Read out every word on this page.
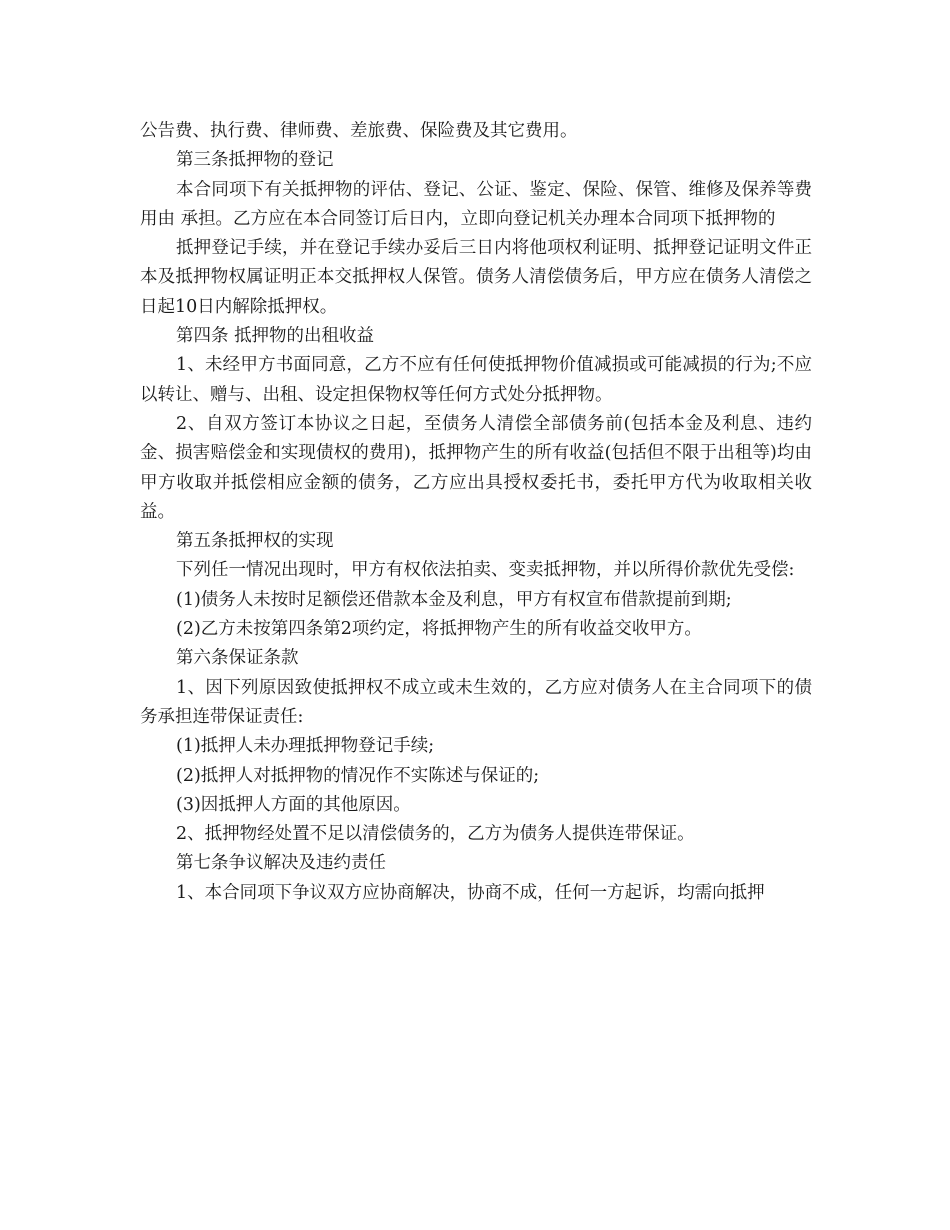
公告费、执行费、律师费、差旅费、保险费及其它费用。

第三条抵押物的登记

本合同项下有关抵押物的评估、登记、公证、鉴定、保险、保管、维修及保养等费用由 承担。乙方应在本合同签订后日内，立即向登记机关办理本合同项下抵押物的

抵押登记手续，并在登记手续办妥后三日内将他项权利证明、抵押登记证明文件正本及抵押物权属证明正本交抵押权人保管。债务人清偿债务后，甲方应在债务人清偿之日起10日内解除抵押权。

第四条 抵押物的出租收益

1、未经甲方书面同意，乙方不应有任何使抵押物价值减损或可能减损的行为;不应以转让、赠与、出租、设定担保物权等任何方式处分抵押物。

2、自双方签订本协议之日起，至债务人清偿全部债务前(包括本金及利息、违约金、损害赔偿金和实现债权的费用)，抵押物产生的所有收益(包括但不限于出租等)均由甲方收取并抵偿相应金额的债务，乙方应出具授权委托书，委托甲方代为收取相关收益。

第五条抵押权的实现

下列任一情况出现时，甲方有权依法拍卖、变卖抵押物，并以所得价款优先受偿:

(1)债务人未按时足额偿还借款本金及利息，甲方有权宣布借款提前到期;

(2)乙方未按第四条第2项约定，将抵押物产生的所有收益交收甲方。

第六条保证条款

1、因下列原因致使抵押权不成立或未生效的，乙方应对债务人在主合同项下的债务承担连带保证责任:

(1)抵押人未办理抵押物登记手续;

(2)抵押人对抵押物的情况作不实陈述与保证的;

(3)因抵押人方面的其他原因。

2、抵押物经处置不足以清偿债务的，乙方为债务人提供连带保证。

第七条争议解决及违约责任

1、本合同项下争议双方应协商解决，协商不成，任何一方起诉，均需向抵押
